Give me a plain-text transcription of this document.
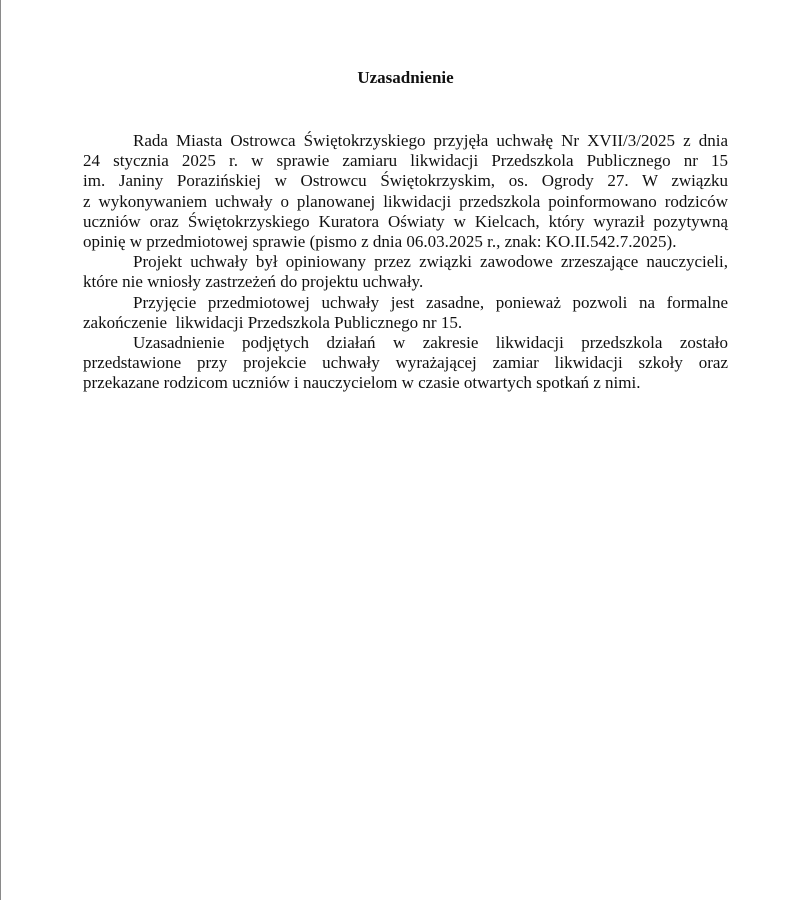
Uzasadnienie
Rada Miasta Ostrowca Świętokrzyskiego przyjęła uchwałę Nr XVII/3/2025 z dnia
24 stycznia 2025 r. w sprawie zamiaru likwidacji Przedszkola Publicznego nr 15
im. Janiny Porazińskiej w Ostrowcu Świętokrzyskim, os. Ogrody 27. W związku
z wykonywaniem uchwały o planowanej likwidacji przedszkola poinformowano rodziców
uczniów oraz Świętokrzyskiego Kuratora Oświaty w Kielcach, który wyraził pozytywną
opinię w przedmiotowej sprawie (pismo z dnia 06.03.2025 r., znak: KO.II.542.7.2025).
Projekt uchwały był opiniowany przez związki zawodowe zrzeszające nauczycieli,
które nie wniosły zastrzeżeń do projektu uchwały.
Przyjęcie przedmiotowej uchwały jest zasadne, ponieważ pozwoli na formalne
zakończenie  likwidacji Przedszkola Publicznego nr 15.
Uzasadnienie podjętych działań w zakresie likwidacji przedszkola zostało
przedstawione przy projekcie uchwały wyrażającej zamiar likwidacji szkoły oraz
przekazane rodzicom uczniów i nauczycielom w czasie otwartych spotkań z nimi.
